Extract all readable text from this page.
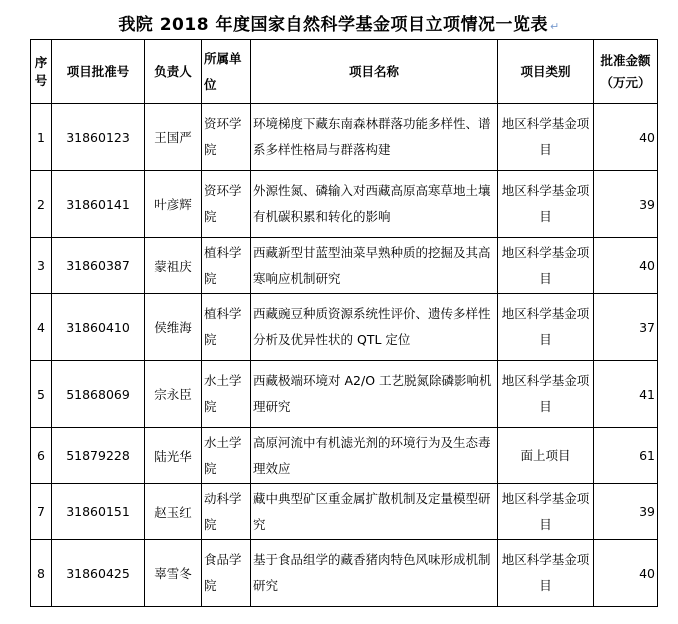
我院 2018 年度国家自然科学基金项目立项情况一览表 ↵
序号	项目批准号	负责人	所属单位	项目名称	项目类别	批准金额（万元）
1	31860123	王国严	资环学院	环境梯度下藏东南森林群落功能多样性、谱系多样性格局与群落构建	地区科学基金项目	40
2	31860141	叶彦辉	资环学院	外源性氮、磷输入对西藏高原高寒草地土壤有机碳积累和转化的影响	地区科学基金项目	39
3	31860387	蒙祖庆	植科学院	西藏新型甘蓝型油菜早熟种质的挖掘及其高寒响应机制研究	地区科学基金项目	40
4	31860410	侯维海	植科学院	西藏豌豆种质资源系统性评价、遗传多样性分析及优异性状的 QTL 定位	地区科学基金项目	37
5	51868069	宗永臣	水土学院	西藏极端环境对 A2/O 工艺脱氮除磷影响机理研究	地区科学基金项目	41
6	51879228	陆光华	水土学院	高原河流中有机滤光剂的环境行为及生态毒理效应	面上项目	61
7	31860151	赵玉红	动科学院	藏中典型矿区重金属扩散机制及定量模型研究	地区科学基金项目	39
8	31860425	辜雪冬	食品学院	基于食品组学的藏香猪肉特色风味形成机制研究	地区科学基金项目	40
